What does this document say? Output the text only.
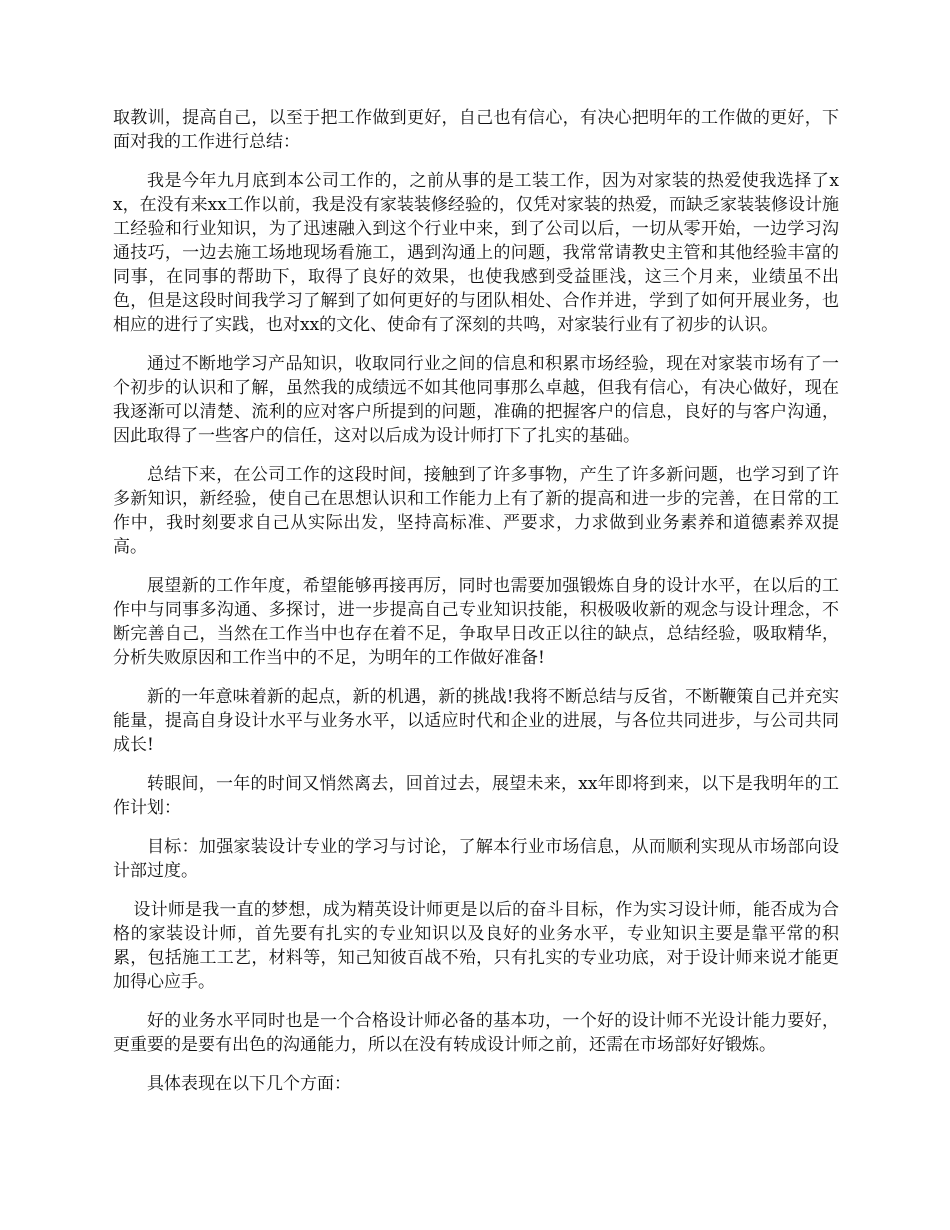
取教训，提高自己，以至于把工作做到更好，自己也有信心，有决心把明年的工作做的更好，下面对我的工作进行总结：

我是今年九月底到本公司工作的，之前从事的是工装工作，因为对家装的热爱使我选择了xx，在没有来xx工作以前，我是没有家装装修经验的，仅凭对家装的热爱，而缺乏家装装修设计施工经验和行业知识，为了迅速融入到这个行业中来，到了公司以后，一切从零开始，一边学习沟通技巧，一边去施工场地现场看施工，遇到沟通上的问题，我常常请教史主管和其他经验丰富的同事，在同事的帮助下，取得了良好的效果，也使我感到受益匪浅，这三个月来，业绩虽不出色，但是这段时间我学习了解到了如何更好的与团队相处、合作并进，学到了如何开展业务，也相应的进行了实践，也对xx的文化、使命有了深刻的共鸣，对家装行业有了初步的认识。

通过不断地学习产品知识，收取同行业之间的信息和积累市场经验，现在对家装市场有了一个初步的认识和了解，虽然我的成绩远不如其他同事那么卓越，但我有信心，有决心做好，现在我逐渐可以清楚、流利的应对客户所提到的问题，准确的把握客户的信息，良好的与客户沟通，因此取得了一些客户的信任，这对以后成为设计师打下了扎实的基础。

总结下来，在公司工作的这段时间，接触到了许多事物，产生了许多新问题，也学习到了许多新知识，新经验，使自己在思想认识和工作能力上有了新的提高和进一步的完善，在日常的工作中，我时刻要求自己从实际出发，坚持高标准、严要求，力求做到业务素养和道德素养双提高。

展望新的工作年度，希望能够再接再厉，同时也需要加强锻炼自身的设计水平，在以后的工作中与同事多沟通、多探讨，进一步提高自己专业知识技能，积极吸收新的观念与设计理念，不断完善自己，当然在工作当中也存在着不足，争取早日改正以往的缺点，总结经验，吸取精华，分析失败原因和工作当中的不足，为明年的工作做好准备!

新的一年意味着新的起点，新的机遇，新的挑战!我将不断总结与反省，不断鞭策自己并充实能量，提高自身设计水平与业务水平，以适应时代和企业的进展，与各位共同进步，与公司共同成长!

转眼间，一年的时间又悄然离去，回首过去，展望未来，xx年即将到来，以下是我明年的工作计划：

目标：加强家装设计专业的学习与讨论，了解本行业市场信息，从而顺利实现从市场部向设计部过度。

设计师是我一直的梦想，成为精英设计师更是以后的奋斗目标，作为实习设计师，能否成为合格的家装设计师，首先要有扎实的专业知识以及良好的业务水平，专业知识主要是靠平常的积累，包括施工工艺，材料等，知己知彼百战不殆，只有扎实的专业功底，对于设计师来说才能更加得心应手。

好的业务水平同时也是一个合格设计师必备的基本功，一个好的设计师不光设计能力要好，更重要的是要有出色的沟通能力，所以在没有转成设计师之前，还需在市场部好好锻炼。

具体表现在以下几个方面：
